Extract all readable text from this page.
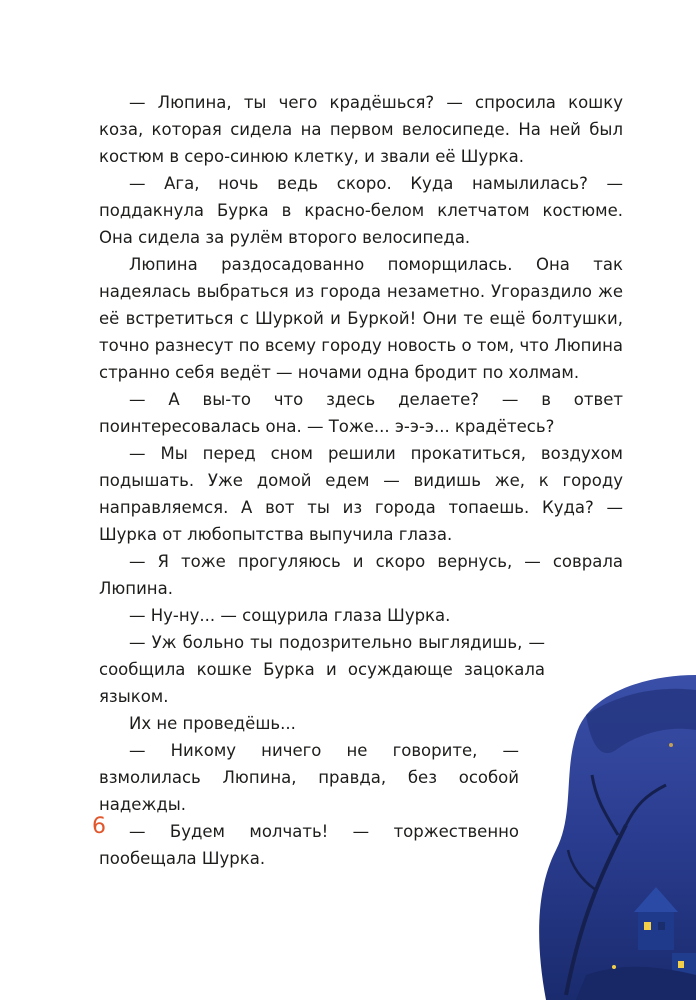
— Люпина, ты чего крадёшься? — спросила кошку коза, которая сидела на первом велосипеде. На ней был костюм в серо-синюю клетку, и звали её Шурка.

— Ага, ночь ведь скоро. Куда намылилась? — поддакнула Бурка в красно-белом клетчатом костюме. Она сидела за рулём второго велосипеда.

Люпина раздосадованно поморщилась. Она так надеялась выбраться из города незаметно. Угораздило же её встретиться с Шуркой и Буркой! Они те ещё болтушки, точно разнесут по всему городу новость о том, что Люпина странно себя ведёт — ночами одна бродит по холмам.

— А вы-то что здесь делаете? — в ответ поинтересовалась она. — Тоже... э-э-э... крадётесь?

— Мы перед сном решили прокатиться, воздухом подышать. Уже домой едем — видишь же, к городу направляемся. А вот ты из города топаешь. Куда? — Шурка от любопытства выпучила глаза.

— Я тоже прогуляюсь и скоро вернусь, — соврала Люпина.

— Ну-ну... — сощурила глаза Шурка.

— Уж больно ты подозрительно выглядишь, — сообщила кошке Бурка и осуждающе зацокала языком.

Их не проведёшь...

— Никому ничего не говорите, — взмолилась Люпина, правда, без особой надежды.

— Будем молчать! — торжественно пообещала Шурка.

6
